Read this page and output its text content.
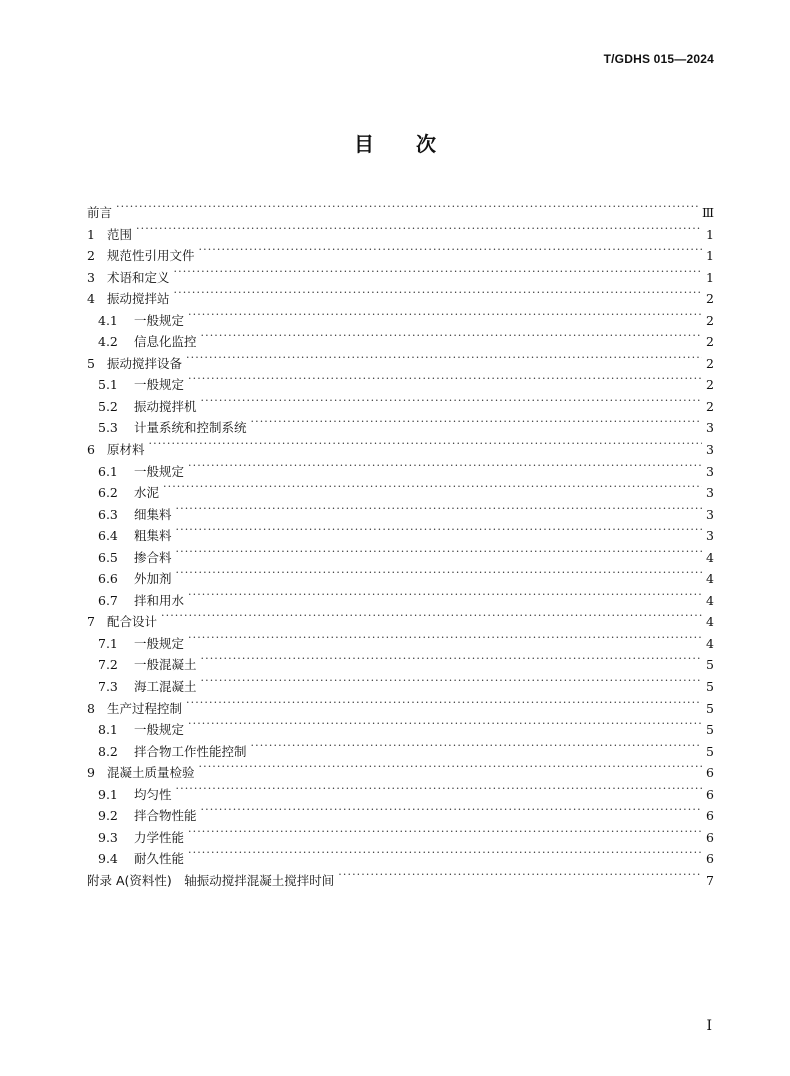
T/GDHS 015—2024
目 次
前言 ·····	Ⅲ
1 范围 ·····	1
2 规范性引用文件 ·····	1
3 术语和定义 ·····	1
4 振动搅拌站 ·····	2
4.1	一般规定 ·····	2
4.2	信息化监控 ·····	2
5 振动搅拌设备 ·····	2
5.1	一般规定 ·····	2
5.2	振动搅拌机 ·····	2
5.3	计量系统和控制系统 ·····	3
6 原材料 ·····	3
6.1	一般规定 ·····	3
6.2	水泥 ·····	3
6.3	细集料 ·····	3
6.4	粗集料 ·····	3
6.5	掺合料 ·····	4
6.6	外加剂 ·····	4
6.7	拌和用水 ·····	4
7 配合设计 ·····	4
7.1	一般规定 ·····	4
7.2	一般混凝土 ·····	5
7.3	海工混凝土 ·····	5
8 生产过程控制 ·····	5
8.1	一般规定 ·····	5
8.2	拌合物工作性能控制 ·····	5
9 混凝土质量检验 ·····	6
9.1	均匀性 ·····	6
9.2	拌合物性能 ·····	6
9.3	力学性能 ·····	6
9.4	耐久性能 ·····	6
附录 A(资料性)　轴振动搅拌混凝土搅拌时间 ·····	7
I
